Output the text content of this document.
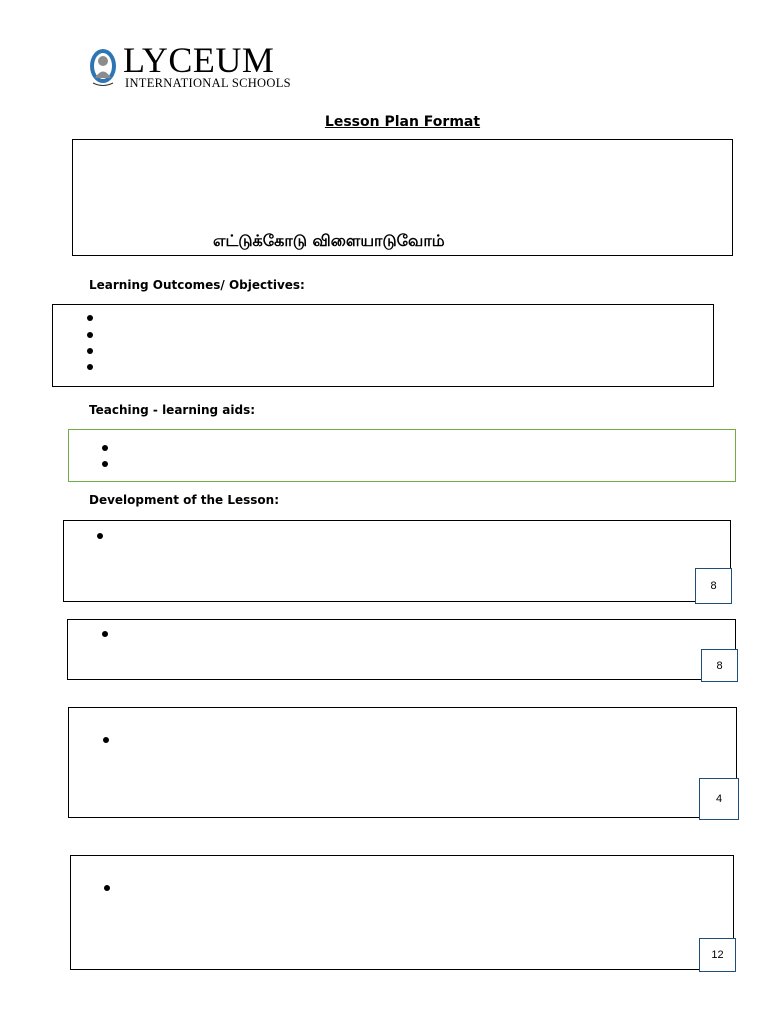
LYCEUM
INTERNATIONAL SCHOOLS
Lesson Plan Format
எட்டுக்கோடு விளையாடுவோம்
Learning Outcomes/ Objectives:
Teaching - learning aids:
Development of the Lesson:
8
8
4
12
